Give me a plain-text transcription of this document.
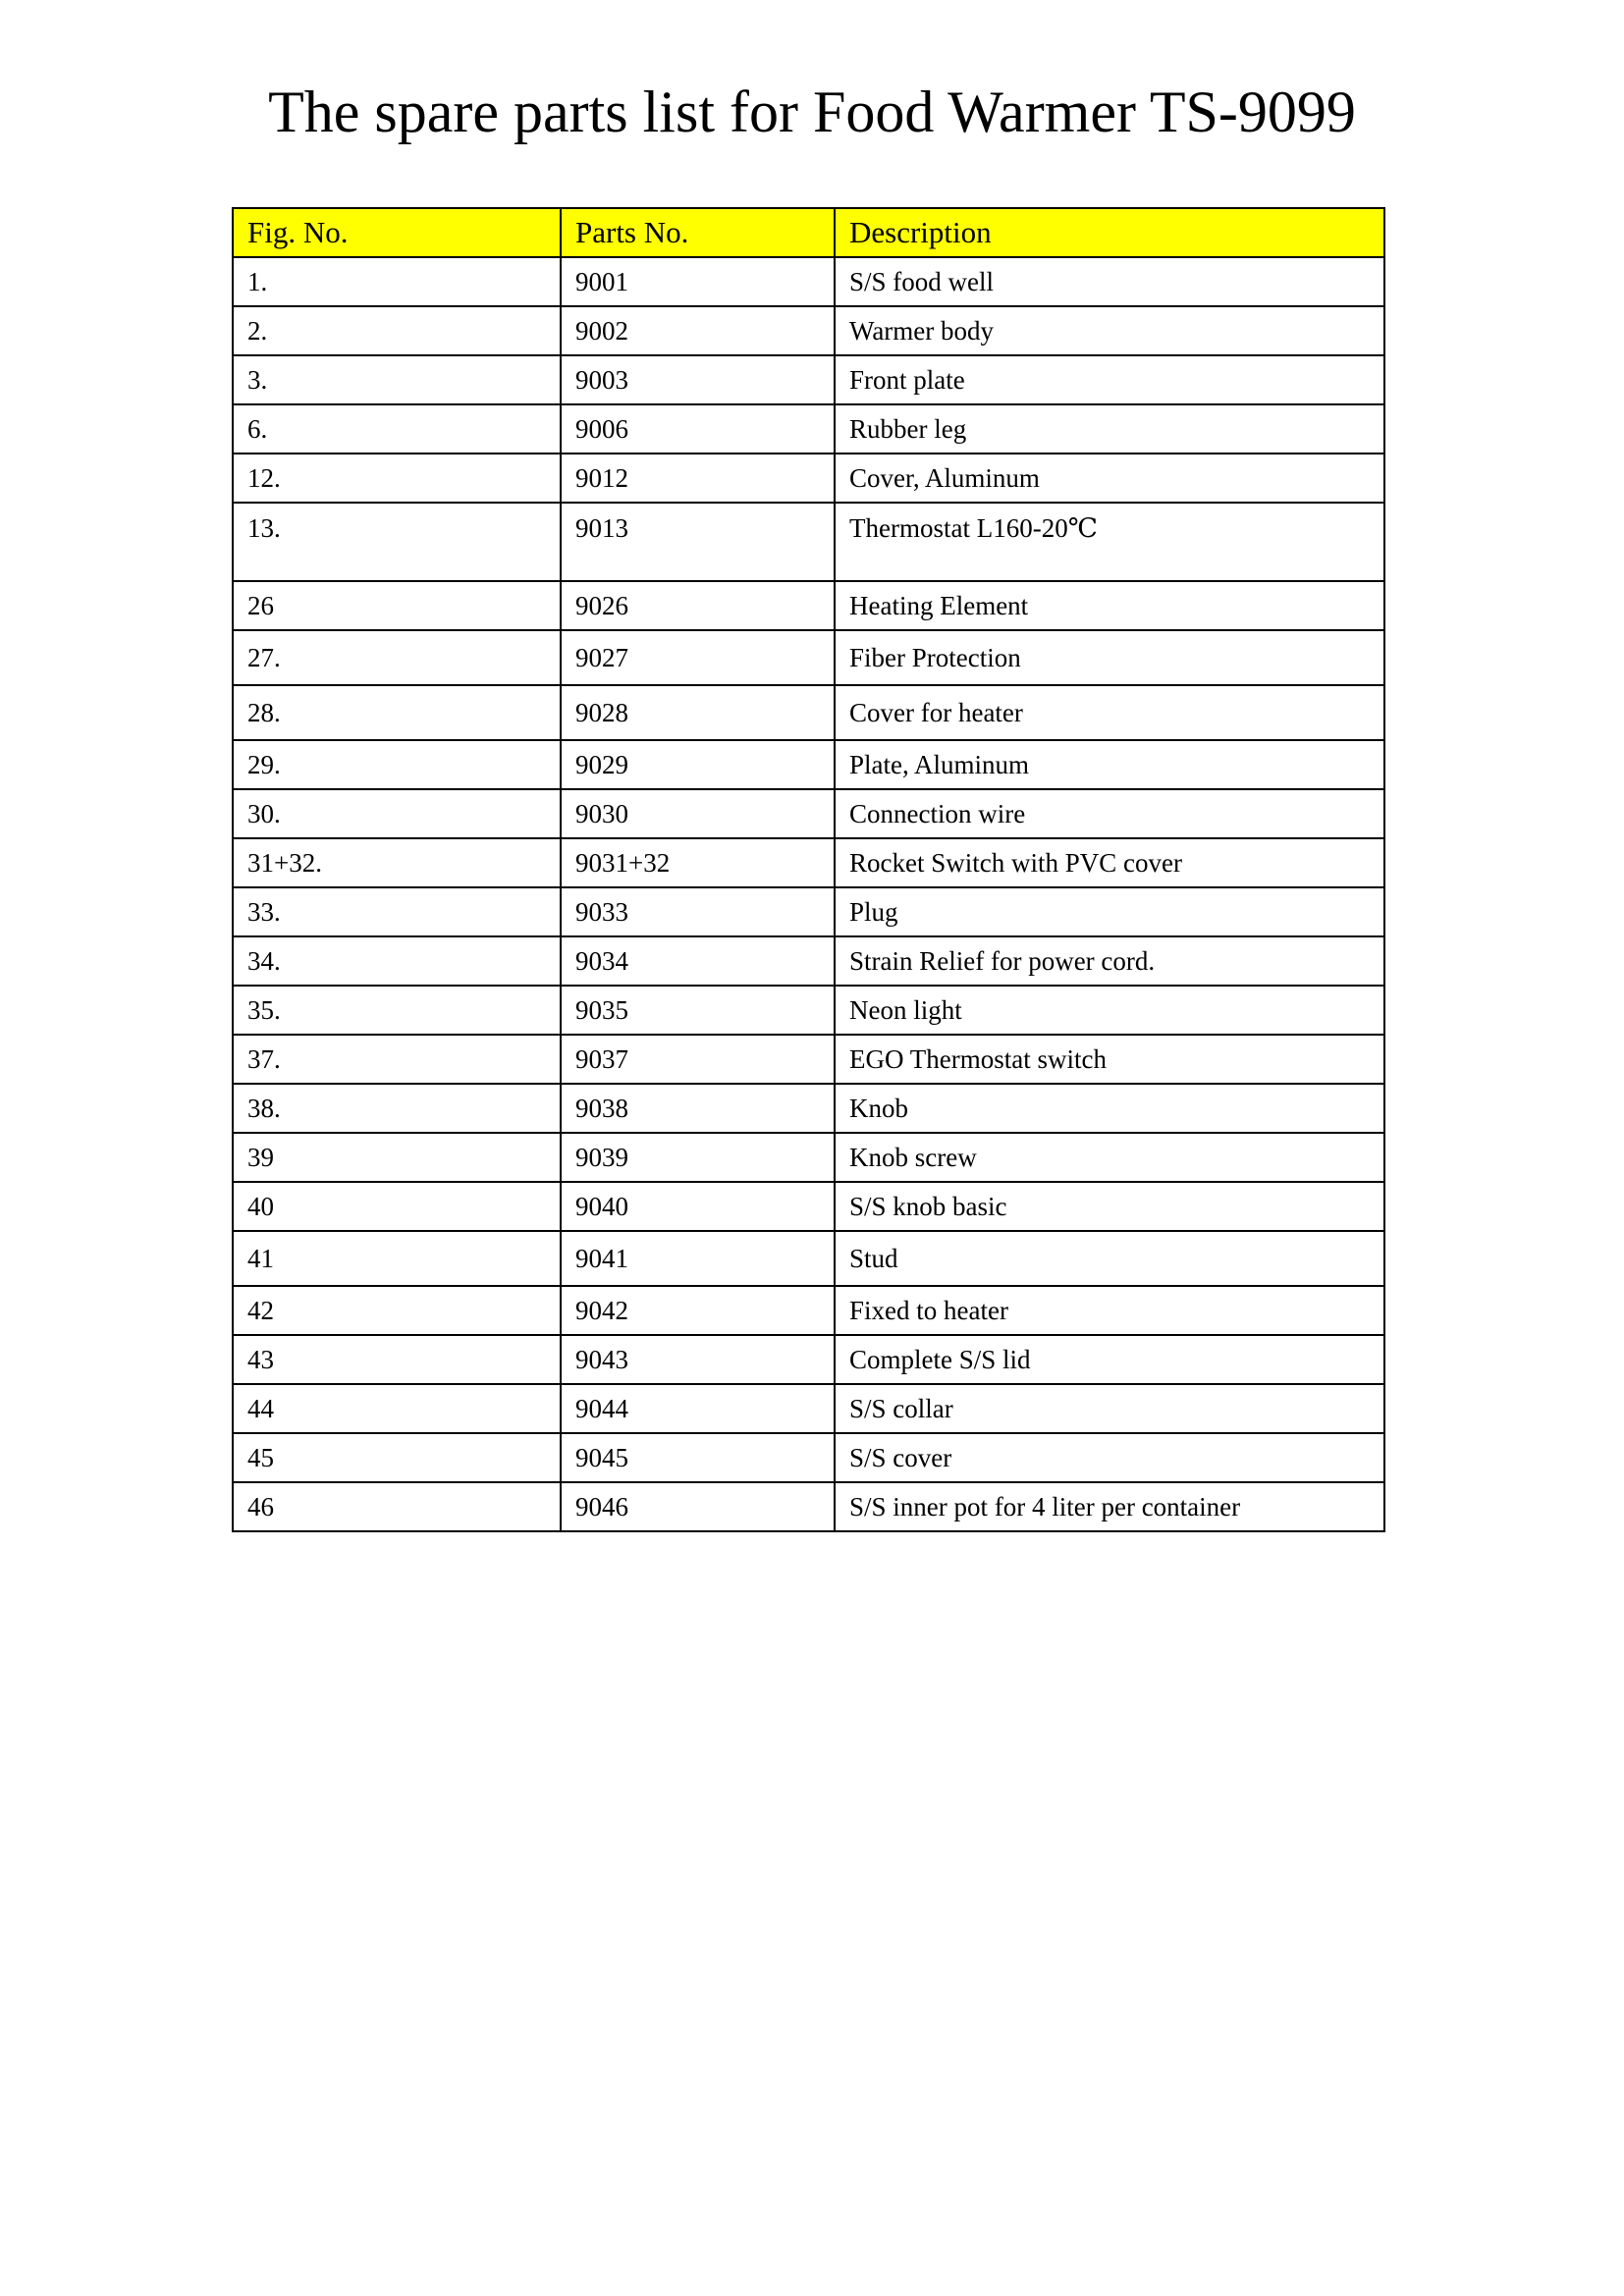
The spare parts list for Food Warmer TS-9099
Fig. No.	Parts No.	Description
1.	9001	S/S food well
2.	9002	Warmer body
3.	9003	Front plate
6.	9006	Rubber leg
12.	9012	Cover, Aluminum
13.	9013	Thermostat L160-20℃
26	9026	Heating Element
27.	9027	Fiber Protection
28.	9028	Cover for heater
29.	9029	Plate, Aluminum
30.	9030	Connection wire
31+32.	9031+32	Rocket Switch with PVC cover
33.	9033	Plug
34.	9034	Strain Relief for power cord.
35.	9035	Neon light
37.	9037	EGO Thermostat switch
38.	9038	Knob
39	9039	Knob screw
40	9040	S/S knob basic
41	9041	Stud
42	9042	Fixed to heater
43	9043	Complete S/S lid
44	9044	S/S collar
45	9045	S/S cover
46	9046	S/S inner pot for 4 liter per container
